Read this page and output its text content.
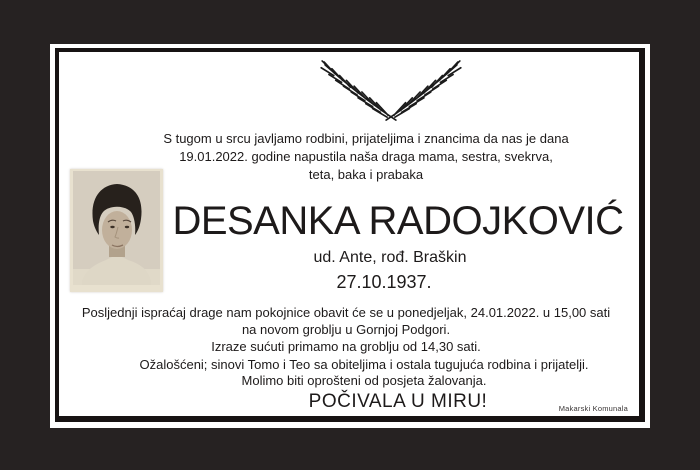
S tugom u srcu javljamo rodbini, prijateljima i znancima da nas je dana
19.01.2022. godine napustila naša draga mama, sestra, svekrva,
teta, baka i prabaka
DESANKA RADOJKOVIĆ
ud. Ante, rođ. Braškin
27.10.1937.
Posljednji ispraćaj drage nam pokojnice obavit će se u ponedjeljak, 24.01.2022. u 15,00 sati
na novom groblju u Gornjoj Podgori.
Izraze sućuti primamo na groblju od 14,30 sati.
Ožalošćeni; sinovi Tomo i Teo sa obiteljima i ostala tugujuća rodbina i prijatelji.
Molimo biti oprošteni od posjeta žalovanja.
POČIVALA U MIRU!	Makarski Komunala
